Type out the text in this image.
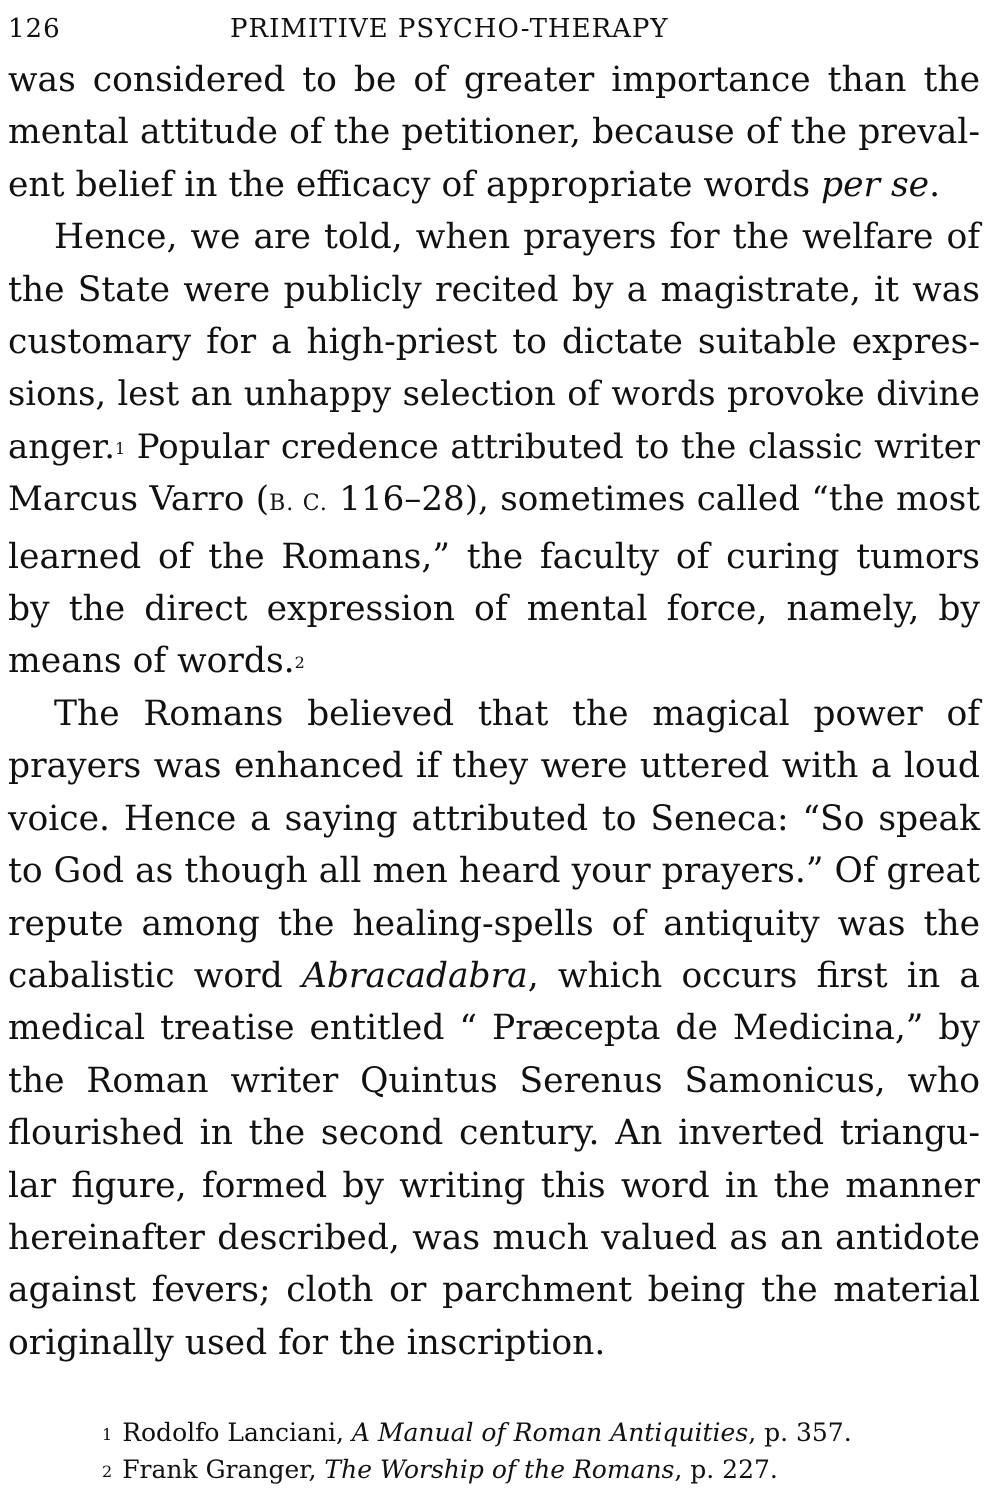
126	PRIMITIVE PSYCHO-THERAPY

was considered to be of greater importance than the
mental attitude of the petitioner, because of the preval-
ent belief in the efficacy of appropriate words per se.

Hence, we are told, when prayers for the welfare of
the State were publicly recited by a magistrate, it was
customary for a high-priest to dictate suitable expres-
sions, lest an unhappy selection of words provoke divine
anger.$^1$ Popular credence attributed to the classic writer
Marcus Varro (B. C. 116–28), sometimes called “the most
learned of the Romans,” the faculty of curing tumors
by the direct expression of mental force, namely, by
means of words.$^2$

The Romans believed that the magical power of
prayers was enhanced if they were uttered with a loud
voice. Hence a saying attributed to Seneca: “So speak
to God as though all men heard your prayers.” Of great
repute among the healing-spells of antiquity was the
cabalistic word Abracadabra, which occurs first in a
medical treatise entitled “ Præcepta de Medicina,” by
the Roman writer Quintus Serenus Samonicus, who
flourished in the second century. An inverted triangu-
lar figure, formed by writing this word in the manner
hereinafter described, was much valued as an antidote
against fevers; cloth or parchment being the material
originally used for the inscription.

$^1$ Rodolfo Lanciani, A Manual of Roman Antiquities, p. 357.
$^2$ Frank Granger, The Worship of the Romans, p. 227.
